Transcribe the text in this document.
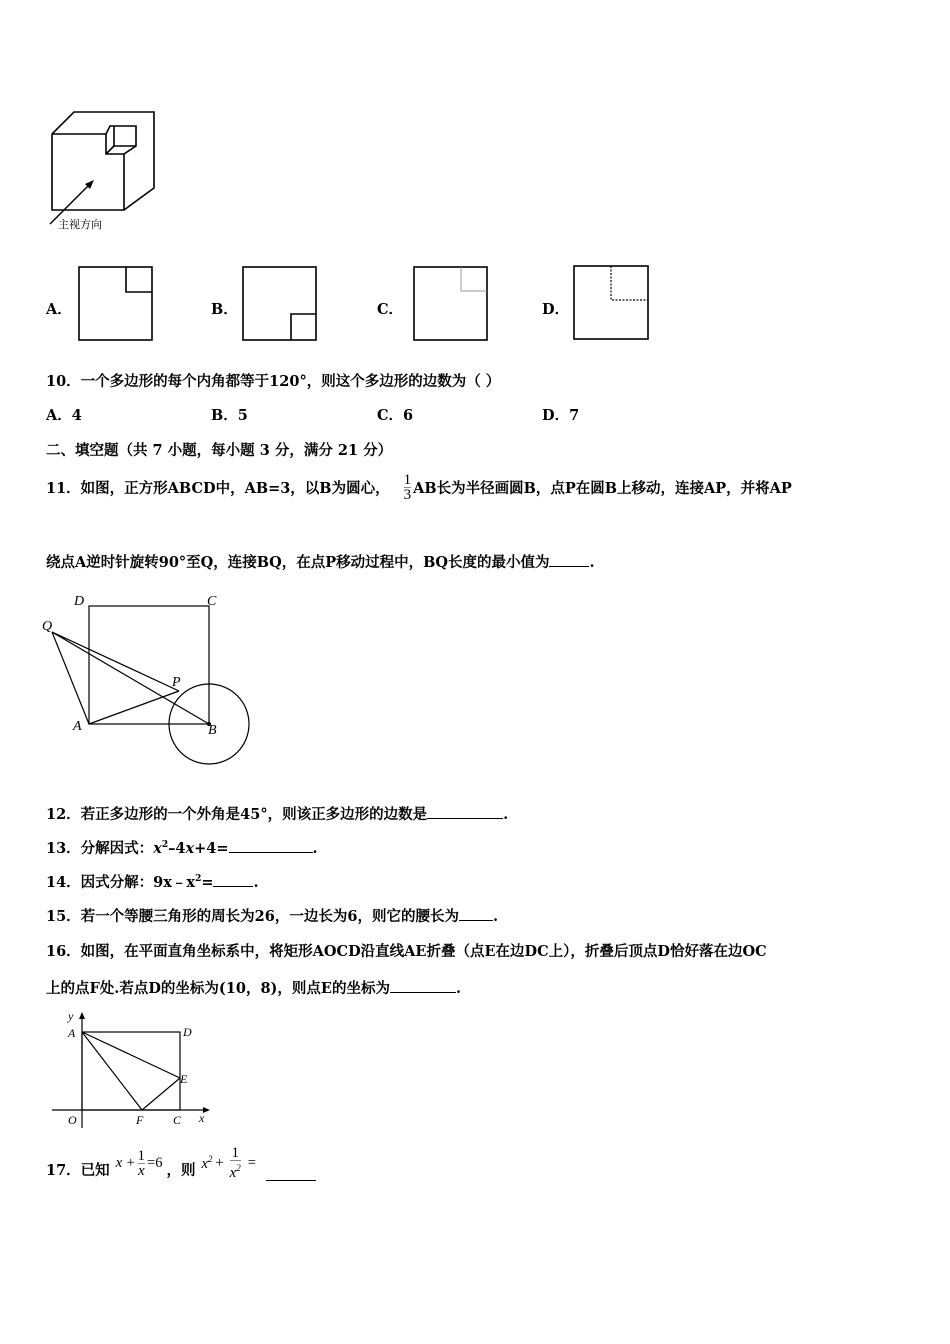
主视方向
A．	B．	C．	D．
10．一个多边形的每个内角都等于120°，则这个多边形的边数为（ ）
A．4	B．5	C．6	D．7
二、填空题（共 7 小题，每小题 3 分，满分 21 分）
11．如图，正方形ABCD中，AB=3，以B为圆心， $\frac{1}{3}$ AB长为半径画圆B，点P在圆B上移动，连接AP，并将AP
绕点A逆时针旋转90°至Q，连接BQ，在点P移动过程中，BQ长度的最小值为	.
D	C
Q
P
A	B
12．若正多边形的一个外角是45°，则该正多边形的边数是	.
13．分解因式：$x^2-4x+4=$	.
14．因式分解：$9x﹣x^2=$	.
15．若一个等腰三角形的周长为26，一边长为6，则它的腰长为 .
16．如图，在平面直角坐标系中，将矩形AOCD沿直线AE折叠（点E在边DC上），折叠后顶点D恰好落在边OC
上的点F处.若点D的坐标为(10，8)，则点E的坐标为	.
y
A	D
E
O	F C x
17．已知 $x + \frac{1}{x} =6$ ，则 $x^2 + \frac{1}{x^2}$ =
